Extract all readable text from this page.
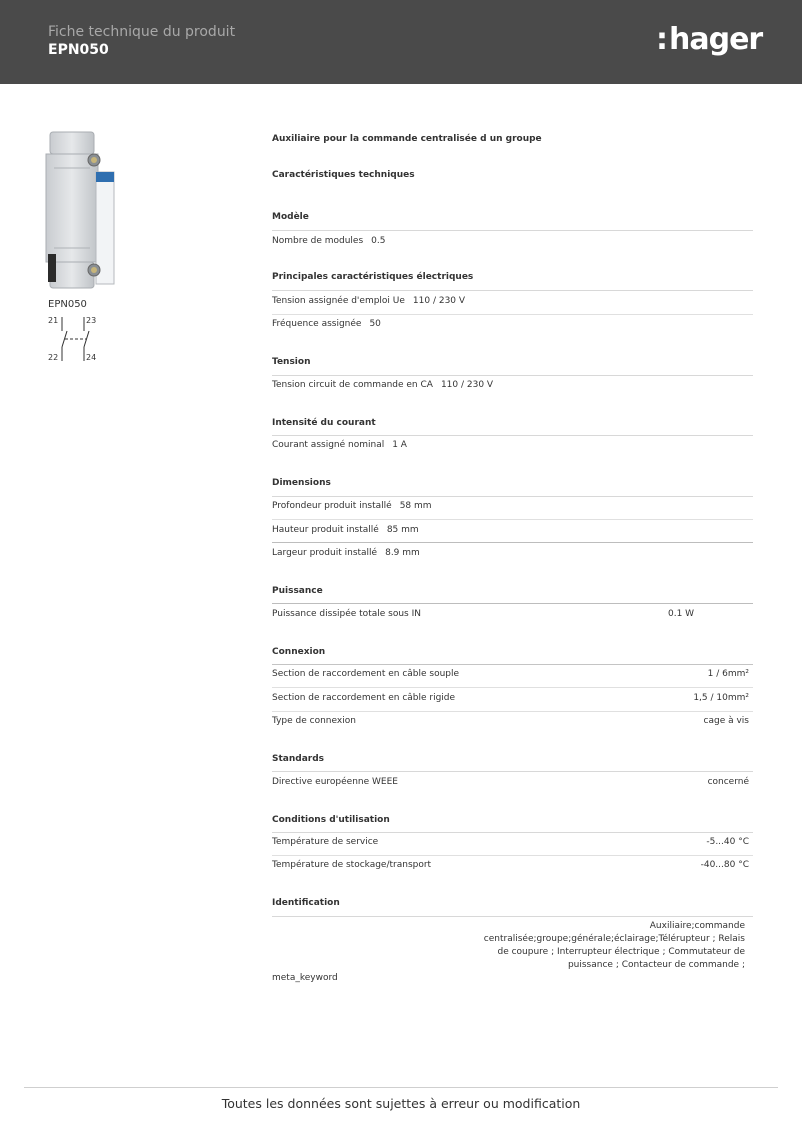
Fiche technique du produit
EPN050	:hager
EPN050
21	23
22	24
Auxiliaire pour la commande centralisée d un groupe
Caractéristiques techniques
Modèle
Nombre de modules 0.5
Principales caractéristiques électriques
Tension assignée d'emploi Ue 110 / 230 V
Fréquence assignée 50
Tension
Tension circuit de commande en CA 110 / 230 V
Intensité du courant
Courant assigné nominal 1 A
Dimensions
Profondeur produit installé 58 mm
Hauteur produit installé 85 mm
Largeur produit installé 8.9 mm
Puissance
Puissance dissipée totale sous IN	0.1 W
Connexion
Section de raccordement en câble souple	1 / 6mm²
Section de raccordement en câble rigide	1,5 / 10mm²
Type de connexion	cage à vis
Standards
Directive européenne WEEE	concerné
Conditions d'utilisation
Température de service	-5...40 °C
Température de stockage/transport	-40...80 °C
Identification
meta_keyword
Auxiliaire;commande centralisée;groupe;générale;éclairage;Télérupteur ; Relais de coupure ; Interrupteur électrique ; Commutateur de puissance ; Contacteur de commande ;
Toutes les données sont sujettes à erreur ou modification
